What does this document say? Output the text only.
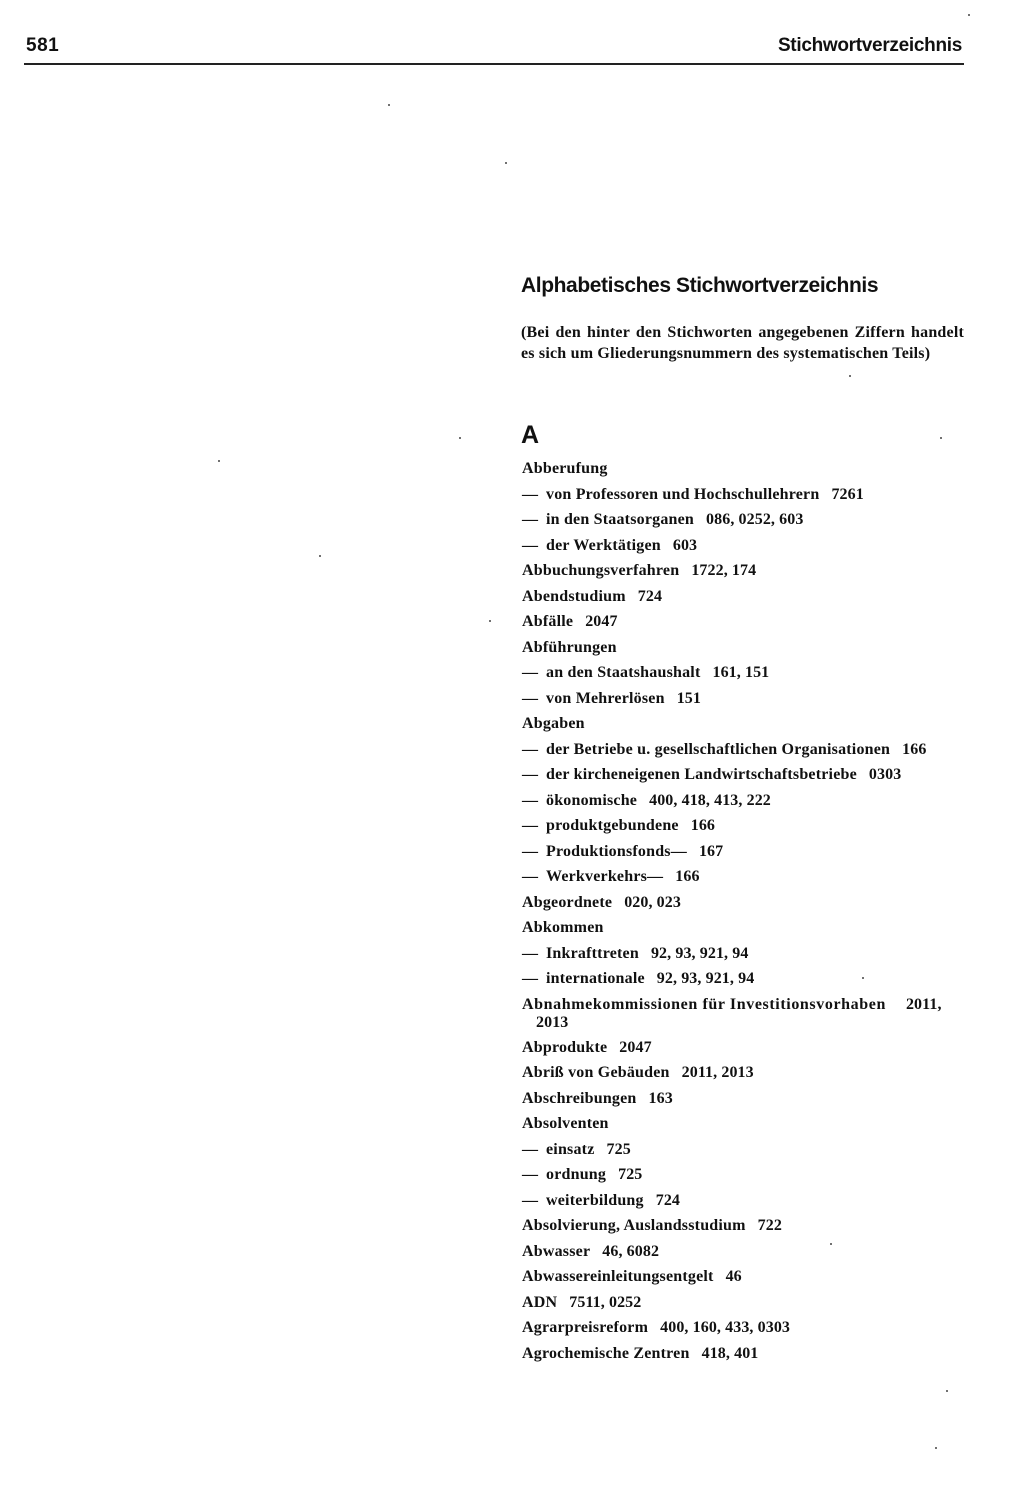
581	Stichwortverzeichnis
Alphabetisches Stichwortverzeichnis

(Bei den hinter den Stichworten angegebenen Ziffern handelt es sich um Gliederungsnummern des systematischen Teils)

A
Abberufung
— von Professoren und Hochschullehrern 7261
— in den Staatsorganen 086, 0252, 603
— der Werktätigen 603
Abbuchungsverfahren 1722, 174
Abendstudium 724
Abfälle 2047
Abführungen
— an den Staatshaushalt 161, 151
— von Mehrerlösen 151
Abgaben
— der Betriebe u. gesellschaftlichen Organisationen 166
— der kircheneigenen Landwirtschaftsbetriebe 0303
— ökonomische 400, 418, 413, 222
— produktgebundene 166
— Produktionsfonds— 167
— Werkverkehrs— 166
Abgeordnete 020, 023
Abkommen
— Inkrafttreten 92, 93, 921, 94
— internationale 92, 93, 921, 94
Abnahmekommissionen für Investitionsvorhaben 2011,
2013
Abprodukte 2047
Abriß von Gebäuden 2011, 2013
Abschreibungen 163
Absolventen
— einsatz 725
— ordnung 725
— weiterbildung 724
Absolvierung, Auslandsstudium 722
Abwasser 46, 6082
Abwassereinleitungsentgelt 46
ADN 7511, 0252
Agrarpreisreform 400, 160, 433, 0303
Agrochemische Zentren 418, 401
